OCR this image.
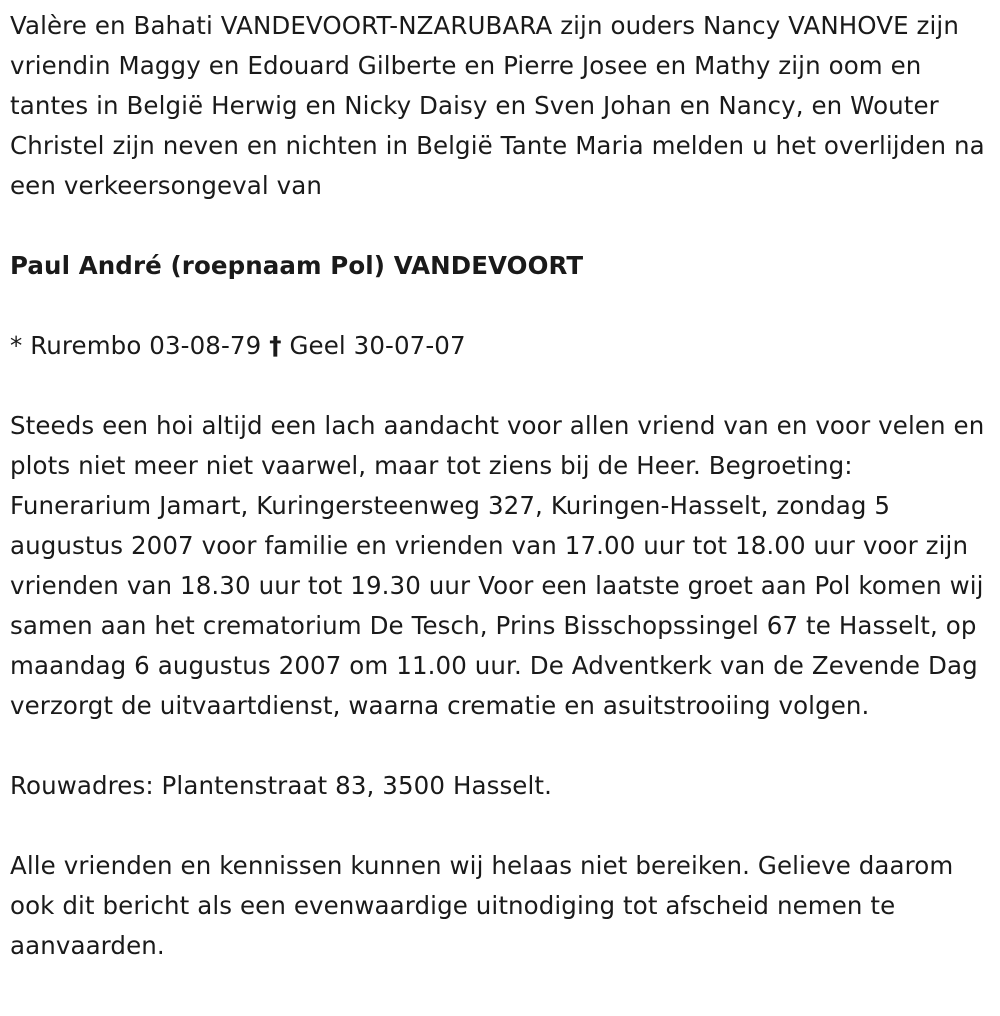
Valère en Bahati VANDEVOORT-NZARUBARA zijn ouders Nancy VANHOVE zijn vriendin Maggy en Edouard Gilberte en Pierre Josee en Mathy zijn oom en tantes in België Herwig en Nicky Daisy en Sven Johan en Nancy, en Wouter Christel zijn neven en nichten in België Tante Maria melden u het overlijden na een verkeersongeval van

Paul André (roepnaam Pol) VANDEVOORT

* Rurembo 03-08-79 † Geel 30-07-07

Steeds een hoi altijd een lach aandacht voor allen vriend van en voor velen en plots niet meer niet vaarwel, maar tot ziens bij de Heer. Begroeting: Funerarium Jamart, Kuringersteenweg 327, Kuringen-Hasselt, zondag 5 augustus 2007 voor familie en vrienden van 17.00 uur tot 18.00 uur voor zijn vrienden van 18.30 uur tot 19.30 uur Voor een laatste groet aan Pol komen wij samen aan het crematorium De Tesch, Prins Bisschopssingel 67 te Hasselt, op maandag 6 augustus 2007 om 11.00 uur. De Adventkerk van de Zevende Dag verzorgt de uitvaartdienst, waarna crematie en asuitstrooiing volgen.

Rouwadres: Plantenstraat 83, 3500 Hasselt.

Alle vrienden en kennissen kunnen wij helaas niet bereiken. Gelieve daarom ook dit bericht als een evenwaardige uitnodiging tot afscheid nemen te aanvaarden.
